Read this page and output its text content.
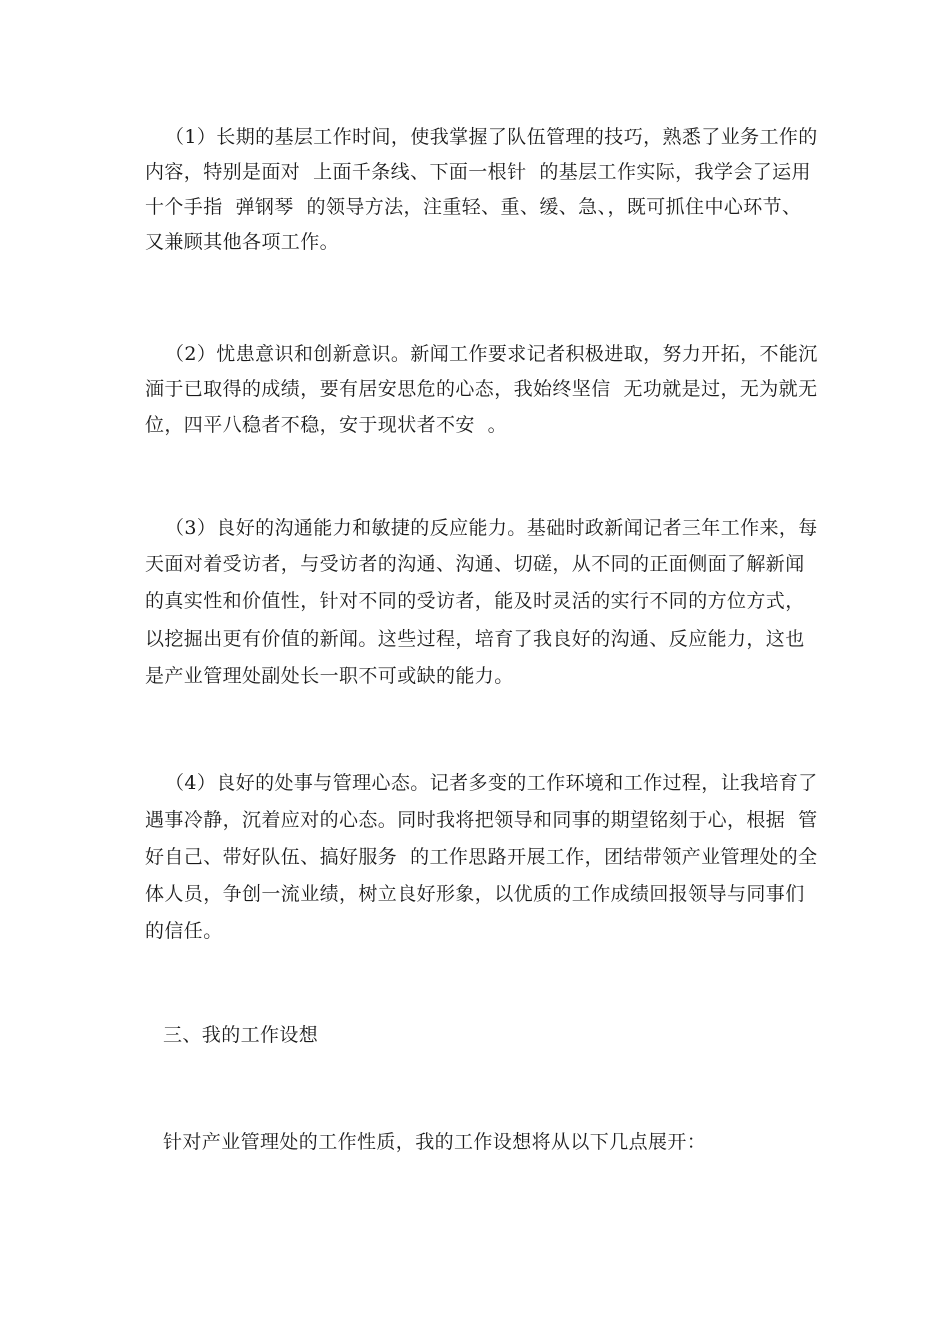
（1）长期的基层工作时间，使我掌握了队伍管理的技巧，熟悉了业务工作的
内容，特别是面对  上面千条线、下面一根针  的基层工作实际，我学会了运用
十个手指  弹钢琴  的领导方法，注重轻、重、缓、急、，既可抓住中心环节、
又兼顾其他各项工作。
（2）忧患意识和创新意识。新闻工作要求记者积极进取，努力开拓，不能沉
湎于已取得的成绩，要有居安思危的心态，我始终坚信  无功就是过，无为就无
位，四平八稳者不稳，安于现状者不安  。
（3）良好的沟通能力和敏捷的反应能力。基础时政新闻记者三年工作来，每
天面对着受访者，与受访者的沟通、沟通、切磋，从不同的正面侧面了解新闻
的真实性和价值性，针对不同的受访者，能及时灵活的实行不同的方位方式，
以挖掘出更有价值的新闻。这些过程，培育了我良好的沟通、反应能力，这也
是产业管理处副处长一职不可或缺的能力。
（4）良好的处事与管理心态。记者多变的工作环境和工作过程，让我培育了
遇事冷静，沉着应对的心态。同时我将把领导和同事的期望铭刻于心，根据  管
好自己、带好队伍、搞好服务  的工作思路开展工作，团结带领产业管理处的全
体人员，争创一流业绩，树立良好形象，以优质的工作成绩回报领导与同事们
的信任。
三、我的工作设想
针对产业管理处的工作性质，我的工作设想将从以下几点展开：
